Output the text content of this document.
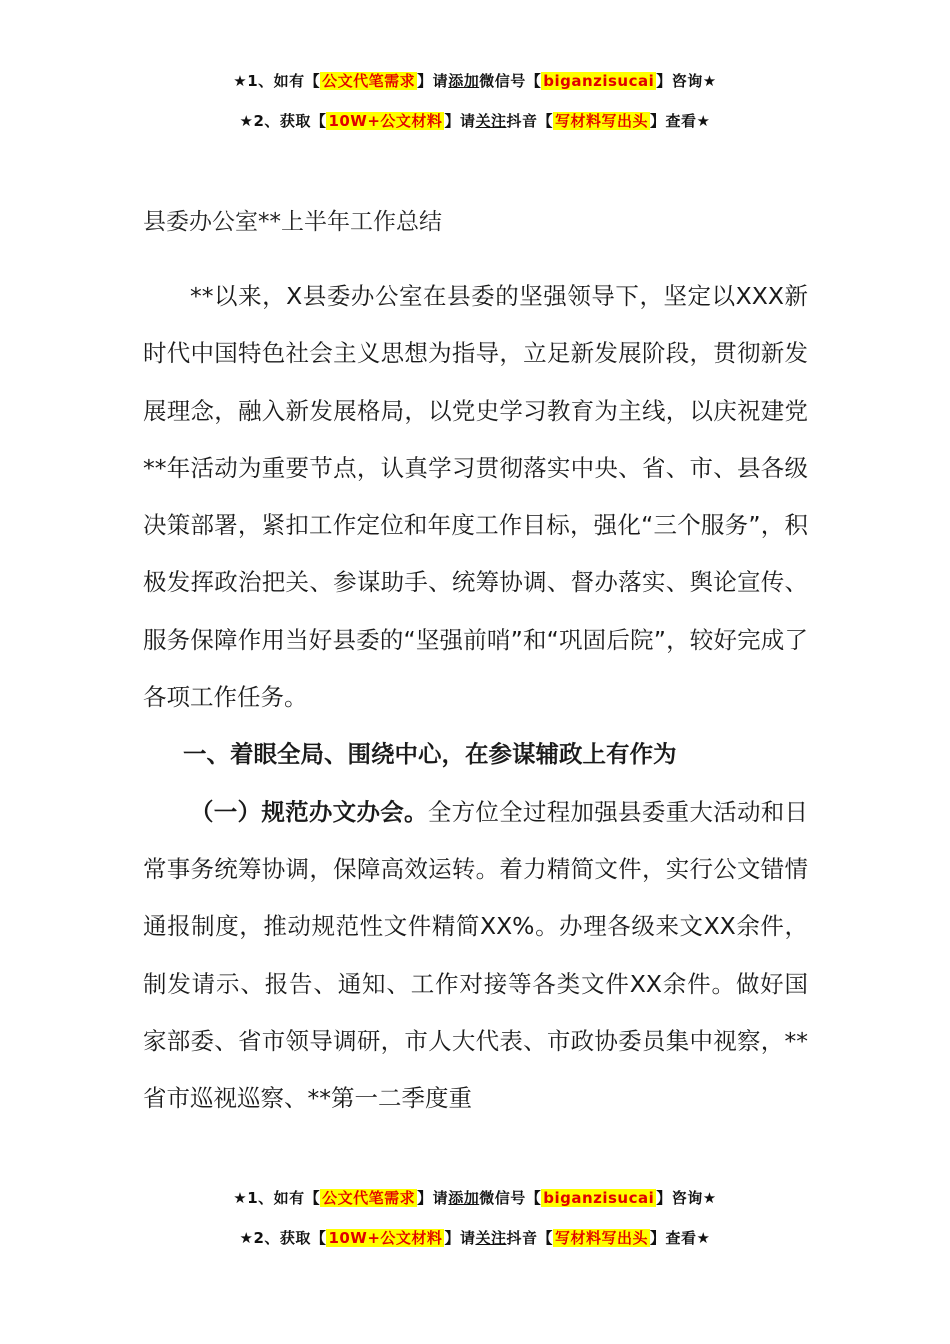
★1、如有【 公文代笔需求 】请添加微信号【 biganzisucai 】咨询★
★2、获取【 10W+公文材料 】请关注抖音【 写材料写出头 】查看★
县委办公室**上半年工作总结

**以来，X县委办公室在县委的坚强领导下，坚定以XXX新时代中国特色社会主义思想为指导，立足新发展阶段，贯彻新发展理念，融入新发展格局，以党史学习教育为主线，以庆祝建党**年活动为重要节点，认真学习贯彻落实中央、省、市、县各级决策部署，紧扣工作定位和年度工作目标，强化“三个服务”，积极发挥政治把关、参谋助手、统筹协调、督办落实、舆论宣传、服务保障作用当好县委的“坚强前哨”和“巩固后院”，较好完成了各项工作任务。

一、着眼全局、围绕中心，在参谋辅政上有作为

（一）规范办文办会。全方位全过程加强县委重大活动和日常事务统筹协调，保障高效运转。着力精简文件，实行公文错情通报制度，推动规范性文件精简XX%。办理各级来文XX余件，制发请示、报告、通知、工作对接等各类文件XX余件。做好国家部委、省市领导调研，市人大代表、市政协委员集中视察，**省市巡视巡察、**第一二季度重

★1、如有【 公文代笔需求 】请添加微信号【 biganzisucai 】咨询★
★2、获取【 10W+公文材料 】请关注抖音【 写材料写出头 】查看★
